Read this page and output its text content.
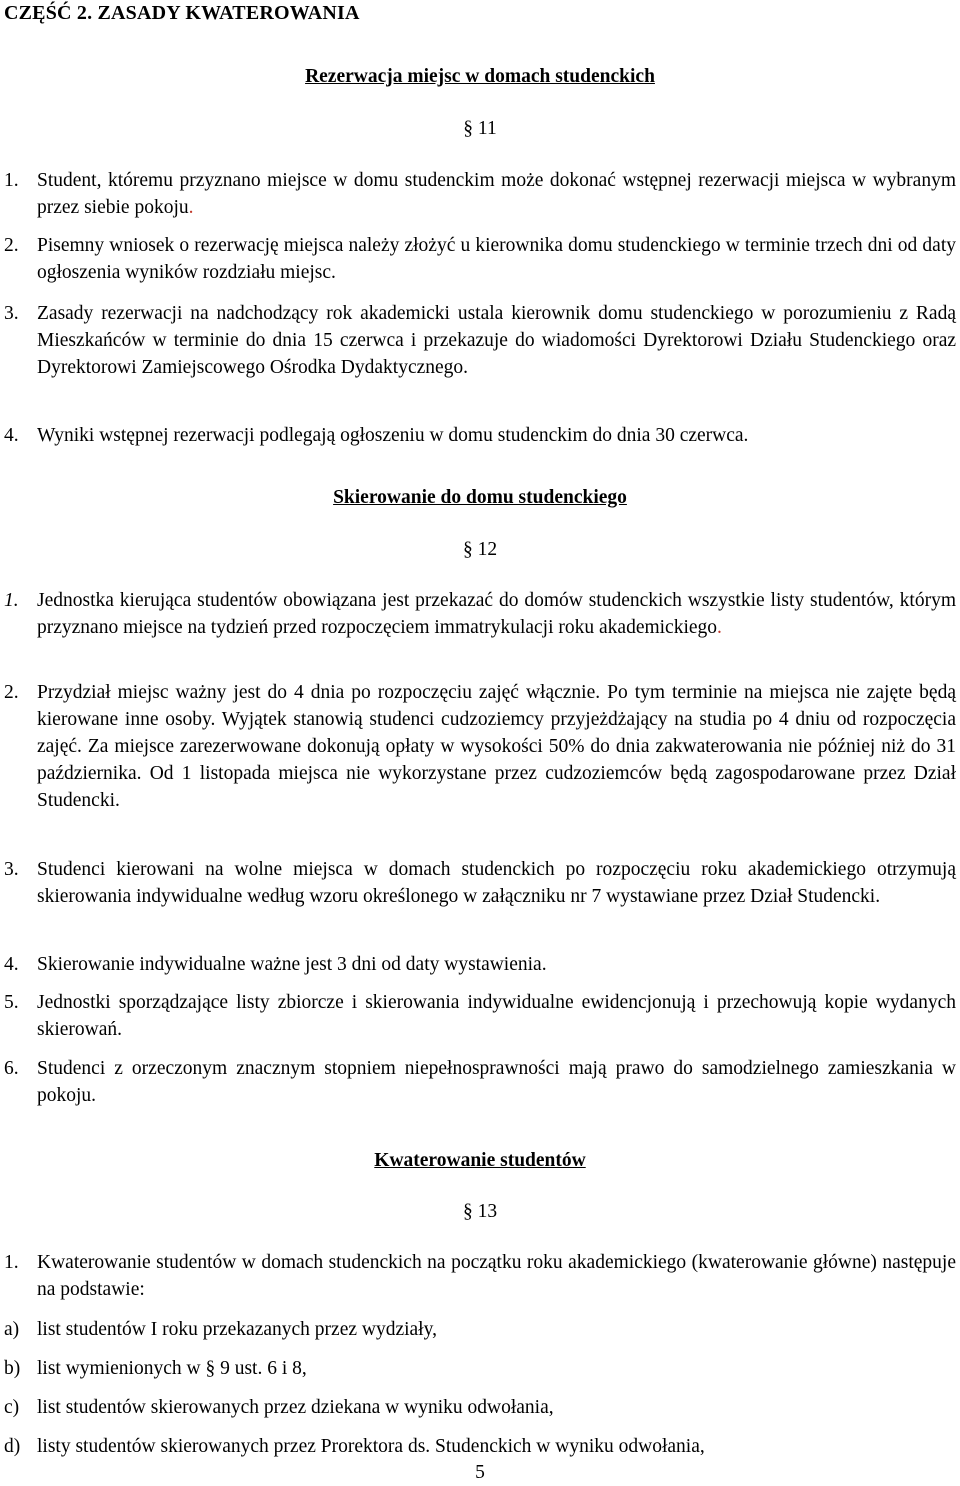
CZĘŚĆ 2. ZASADY KWATEROWANIA
Rezerwacja miejsc w domach studenckich
§ 11
1. Student, któremu przyznano miejsce w domu studenckim może dokonać wstępnej rezerwacji miejsca w wybranym przez siebie pokoju.
2. Pisemny wniosek o rezerwację miejsca należy złożyć u kierownika domu studenckiego w terminie trzech dni od daty ogłoszenia wyników rozdziału miejsc.
3. Zasady rezerwacji na nadchodzący rok akademicki ustala kierownik domu studenckiego w porozumieniu z Radą Mieszkańców w terminie do dnia 15 czerwca i przekazuje do wiadomości Dyrektorowi Działu Studenckiego oraz Dyrektorowi Zamiejscowego Ośrodka Dydaktycznego.
4. Wyniki wstępnej rezerwacji podlegają ogłoszeniu w domu studenckim do dnia 30 czerwca.
Skierowanie do domu studenckiego
§ 12
1. Jednostka kierująca studentów obowiązana jest przekazać do domów studenckich wszystkie listy studentów, którym przyznano miejsce na tydzień przed rozpoczęciem immatrykulacji roku akademickiego.
2. Przydział miejsc ważny jest do 4 dnia po rozpoczęciu zajęć włącznie. Po tym terminie na miejsca nie zajęte będą kierowane inne osoby. Wyjątek stanowią studenci cudzoziemcy przyjeżdżający na studia po 4 dniu od rozpoczęcia zajęć. Za miejsce zarezerwowane dokonują opłaty w wysokości 50% do dnia zakwaterowania nie później niż do 31 października. Od 1 listopada miejsca nie wykorzystane przez cudzoziemców będą zagospodarowane przez Dział Studencki.
3. Studenci kierowani na wolne miejsca w domach studenckich po rozpoczęciu roku akademickiego otrzymują skierowania indywidualne według wzoru określonego w załączniku nr 7 wystawiane przez Dział Studencki.
4. Skierowanie indywidualne ważne jest 3 dni od daty wystawienia.
5. Jednostki sporządzające listy zbiorcze i skierowania indywidualne ewidencjonują i przechowują kopie wydanych skierowań.
6. Studenci z orzeczonym znacznym stopniem niepełnosprawności mają prawo do samodzielnego zamieszkania w pokoju.
Kwaterowanie studentów
§ 13
1. Kwaterowanie studentów w domach studenckich na początku roku akademickiego (kwaterowanie główne) następuje na podstawie:
a) list studentów I roku przekazanych przez wydziały,
b) list wymienionych w § 9 ust. 6 i 8,
c) list studentów skierowanych przez dziekana w wyniku odwołania,
d) listy studentów skierowanych przez Prorektora ds. Studenckich w wyniku odwołania,
5
